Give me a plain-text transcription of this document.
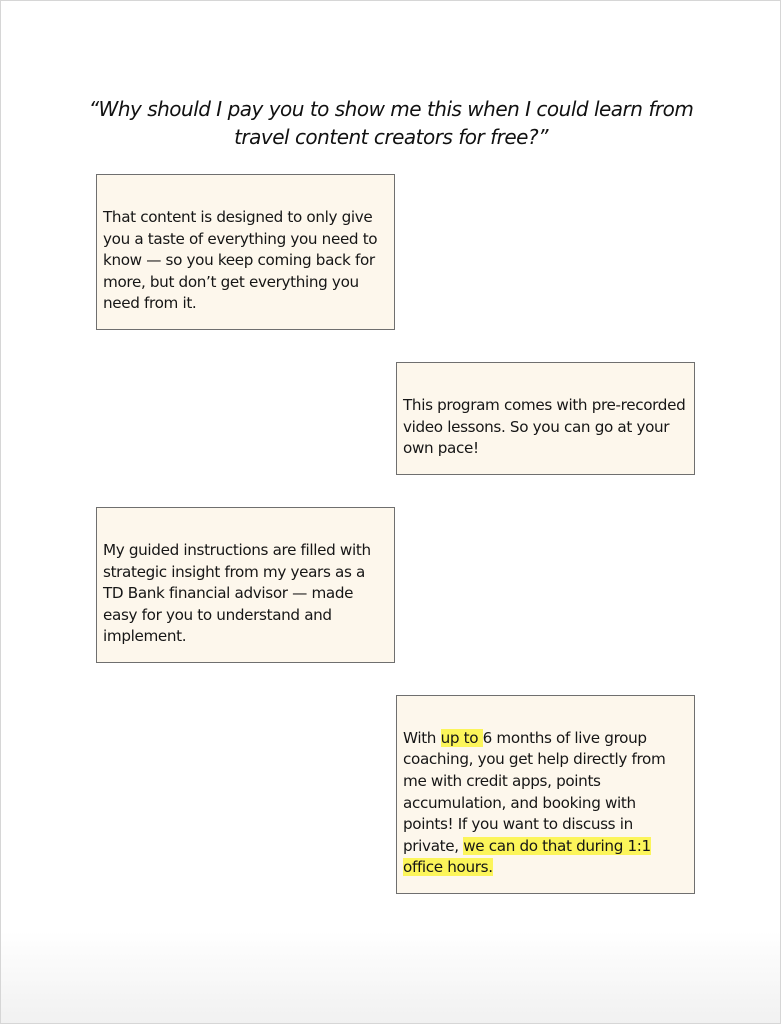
“Why should I pay you to show me this when I could learn from travel content creators for free?”

That content is designed to only give you a taste of everything you need to know — so you keep coming back for more, but don’t get everything you need from it.

This program comes with pre-recorded video lessons. So you can go at your own pace!

My guided instructions are filled with strategic insight from my years as a TD Bank financial advisor — made easy for you to understand and implement.

With up to 6 months of live group coaching, you get help directly from me with credit apps, points accumulation, and booking with points! If you want to discuss in private, we can do that during 1:1 office hours.
